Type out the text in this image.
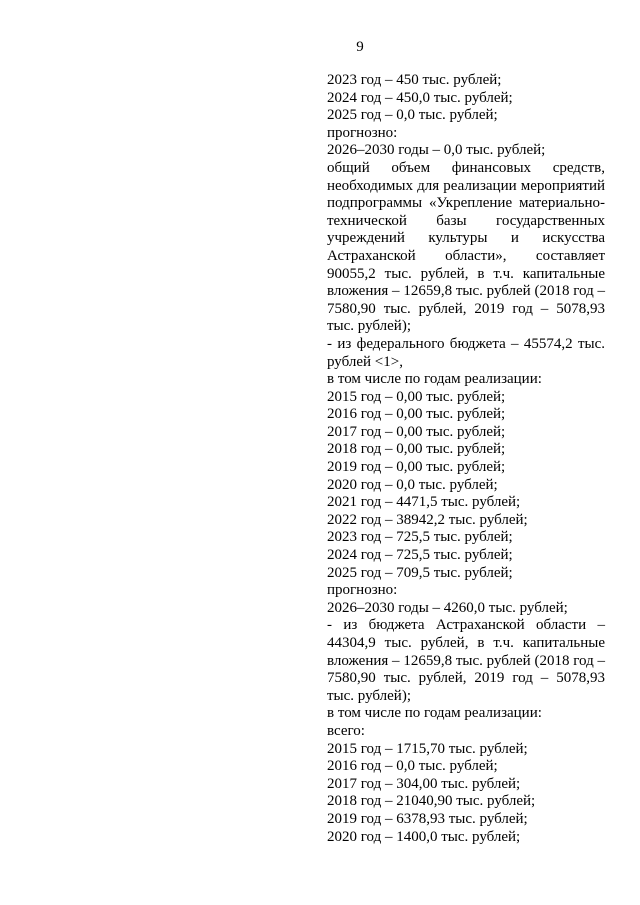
9
2023 год – 450 тыс. рублей;
2024 год – 450,0 тыс. рублей;
2025 год – 0,0 тыс. рублей;
прогнозно:
2026–2030 годы – 0,0 тыс. рублей;
общий объем финансовых средств, необходимых для реализации мероприятий подпрограммы «Укрепление материально-технической базы государственных учреждений культуры и искусства Астраханской области», составляет 90055,2 тыс. рублей, в т.ч. капитальные вложения – 12659,8 тыс. рублей (2018 год – 7580,90 тыс. рублей, 2019 год – 5078,93 тыс. рублей);
- из федерального бюджета – 45574,2 тыс. рублей <1>,
в том числе по годам реализации:
2015 год – 0,00 тыс. рублей;
2016 год – 0,00 тыс. рублей;
2017 год – 0,00 тыс. рублей;
2018 год – 0,00 тыс. рублей;
2019 год – 0,00 тыс. рублей;
2020 год – 0,0 тыс. рублей;
2021 год – 4471,5 тыс. рублей;
2022 год – 38942,2 тыс. рублей;
2023 год – 725,5 тыс. рублей;
2024 год – 725,5 тыс. рублей;
2025 год – 709,5 тыс. рублей;
прогнозно:
2026–2030 годы – 4260,0 тыс. рублей;
- из бюджета Астраханской области – 44304,9 тыс. рублей, в т.ч. капитальные вложения – 12659,8 тыс. рублей (2018 год – 7580,90 тыс. рублей, 2019 год – 5078,93 тыс. рублей);
в том числе по годам реализации:
всего:
2015 год – 1715,70 тыс. рублей;
2016 год – 0,0 тыс. рублей;
2017 год – 304,00 тыс. рублей;
2018 год – 21040,90 тыс. рублей;
2019 год – 6378,93 тыс. рублей;
2020 год – 1400,0 тыс. рублей;
